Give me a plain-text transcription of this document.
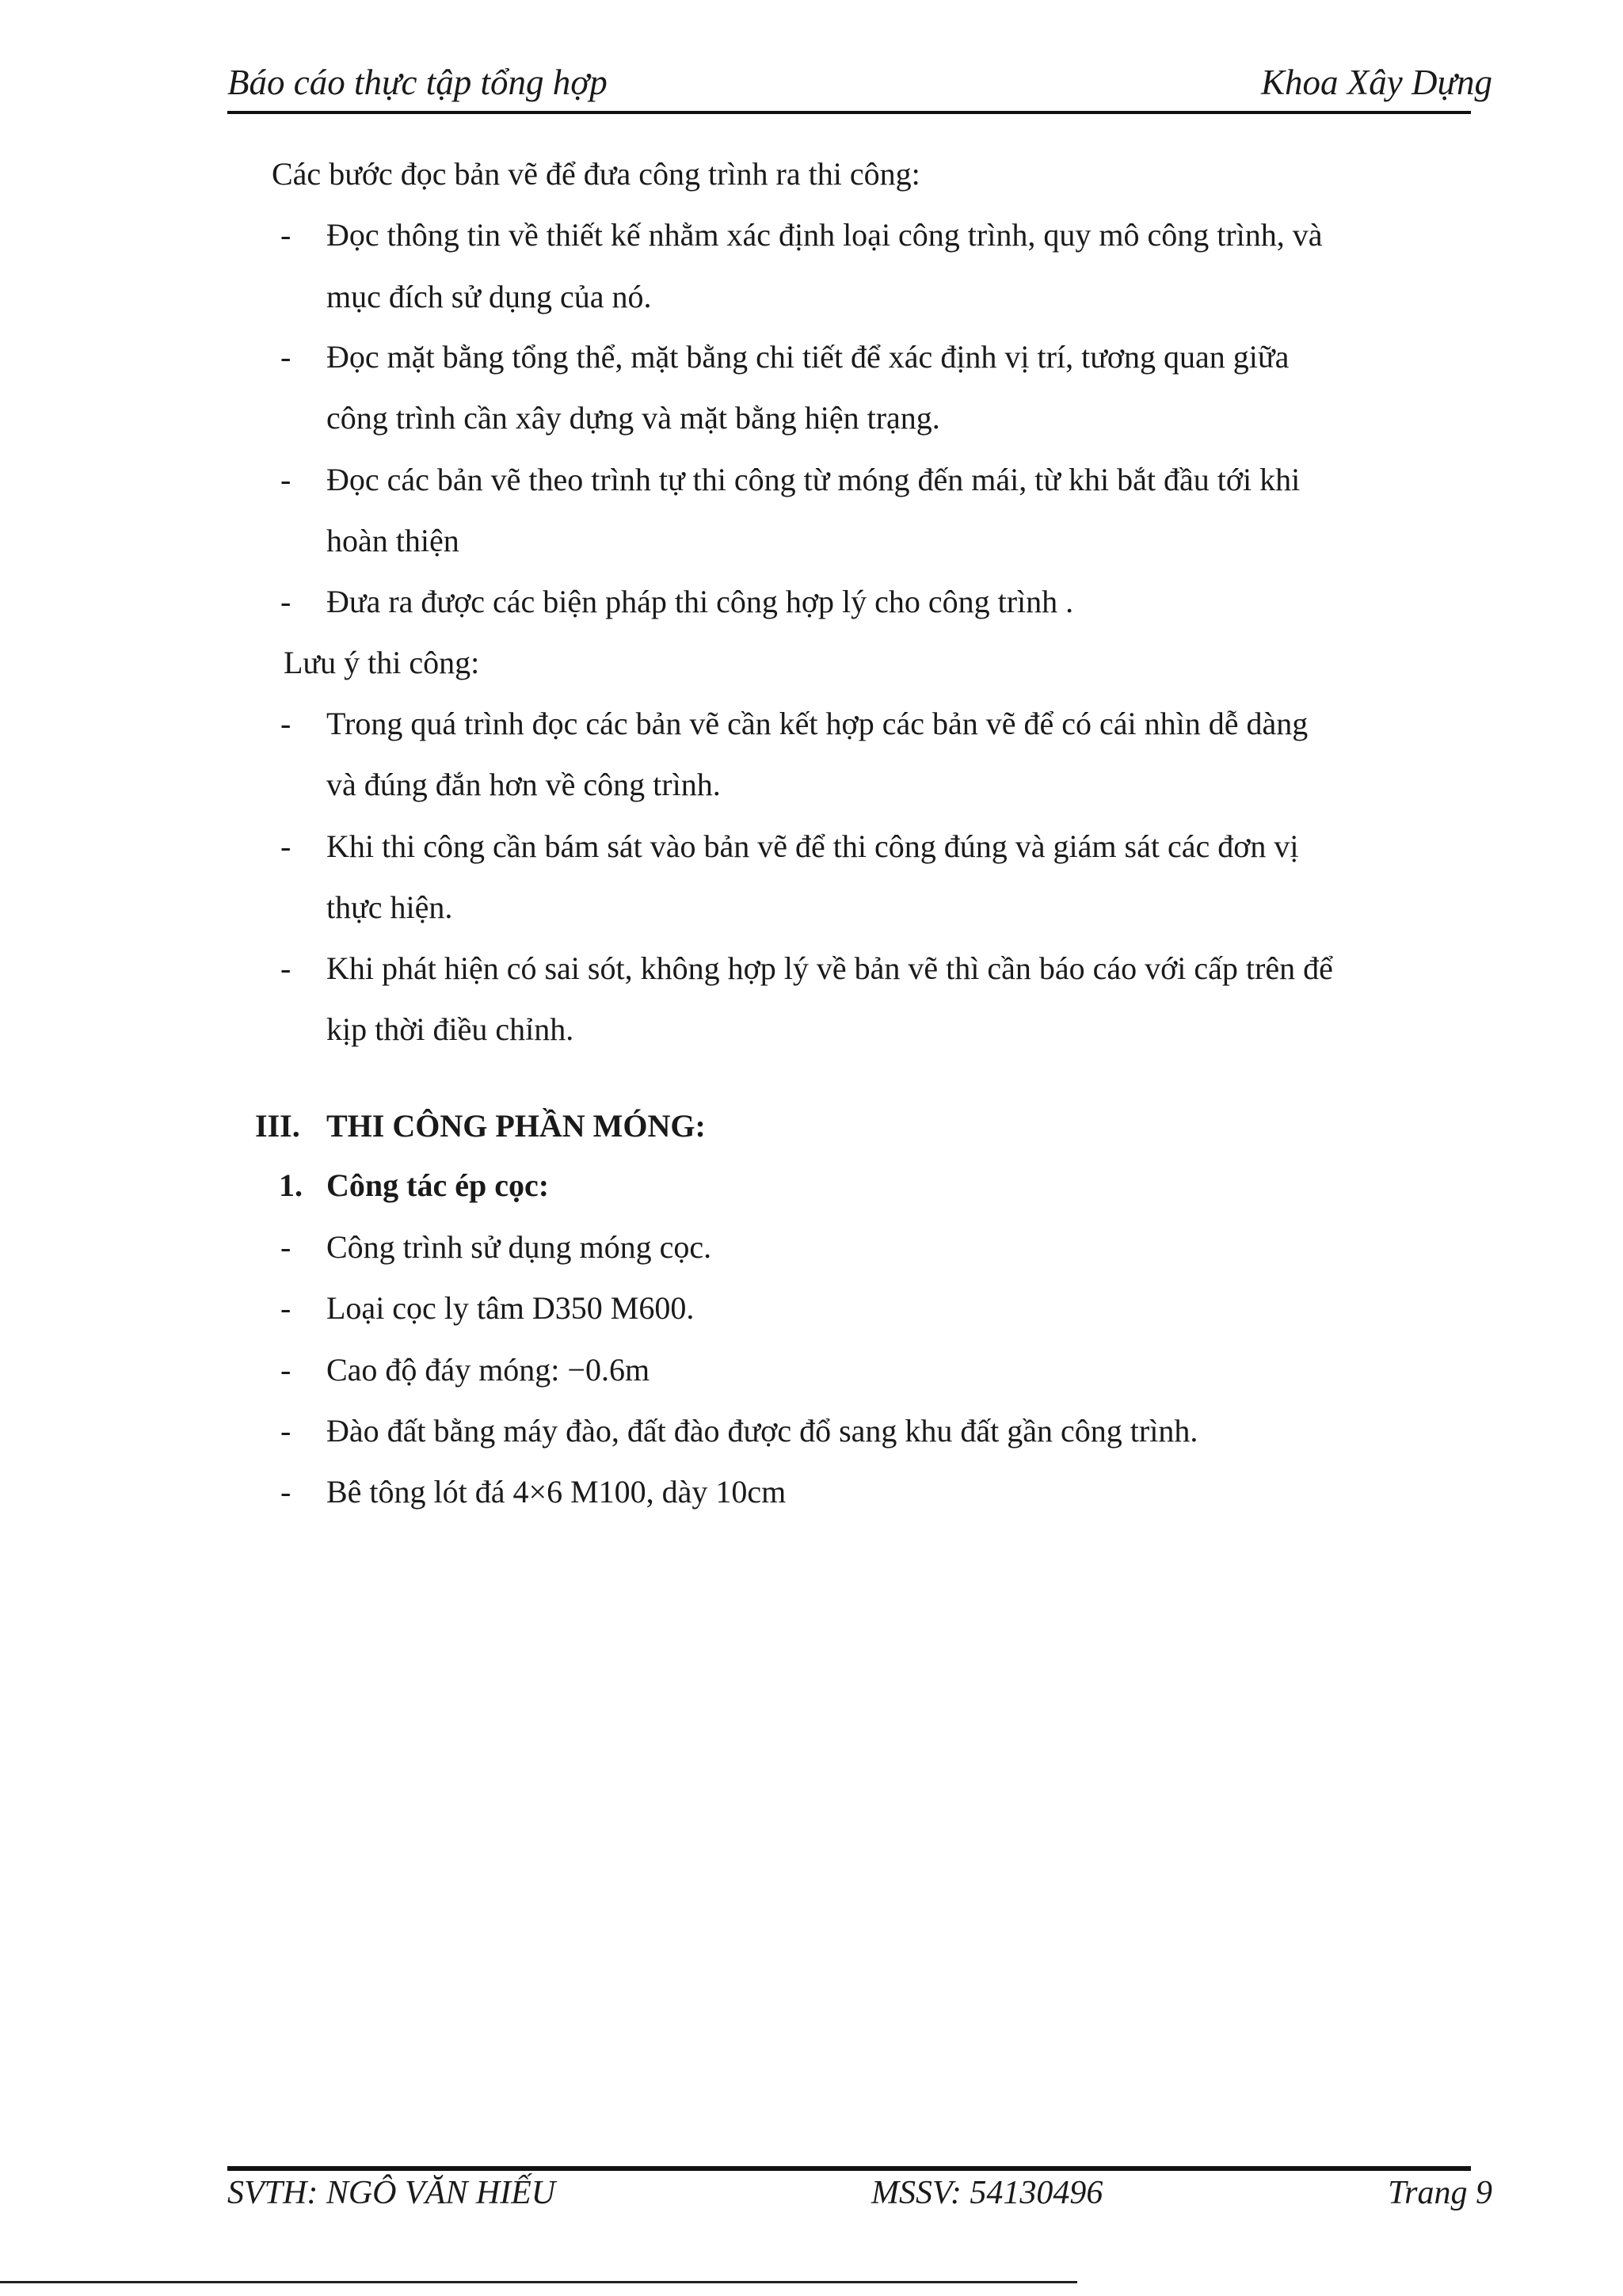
Báo cáo thực tập tổng hợp	Khoa Xây Dựng
Các bước đọc bản vẽ để đưa công trình ra thi công:
- Đọc thông tin về thiết kế nhằm xác định loại công trình, quy mô công trình, và
mục đích sử dụng của nó.
- Đọc mặt bằng tổng thể, mặt bằng chi tiết để xác định vị trí, tương quan giữa
công trình cần xây dựng và mặt bằng hiện trạng.
- Đọc các bản vẽ theo trình tự thi công từ móng đến mái, từ khi bắt đầu tới khi
hoàn thiện
- Đưa ra được các biện pháp thi công hợp lý cho công trình .
Lưu ý thi công:
- Trong quá trình đọc các bản vẽ cần kết hợp các bản vẽ để có cái nhìn dễ dàng
và đúng đắn hơn về công trình.
- Khi thi công cần bám sát vào bản vẽ để thi công đúng và giám sát các đơn vị
thực hiện.
- Khi phát hiện có sai sót, không hợp lý về bản vẽ thì cần báo cáo với cấp trên để
kịp thời điều chỉnh.
III. THI CÔNG PHẦN MÓNG:
1. Công tác ép cọc:
- Công trình sử dụng móng cọc.
- Loại cọc ly tâm D350 M600.
- Cao độ đáy móng: −0.6m
- Đào đất bằng máy đào, đất đào được đổ sang khu đất gần công trình.
- Bê tông lót đá 4×6 M100, dày 10cm
SVTH: NGÔ VĂN HIẾU	MSSV: 54130496	Trang 9
